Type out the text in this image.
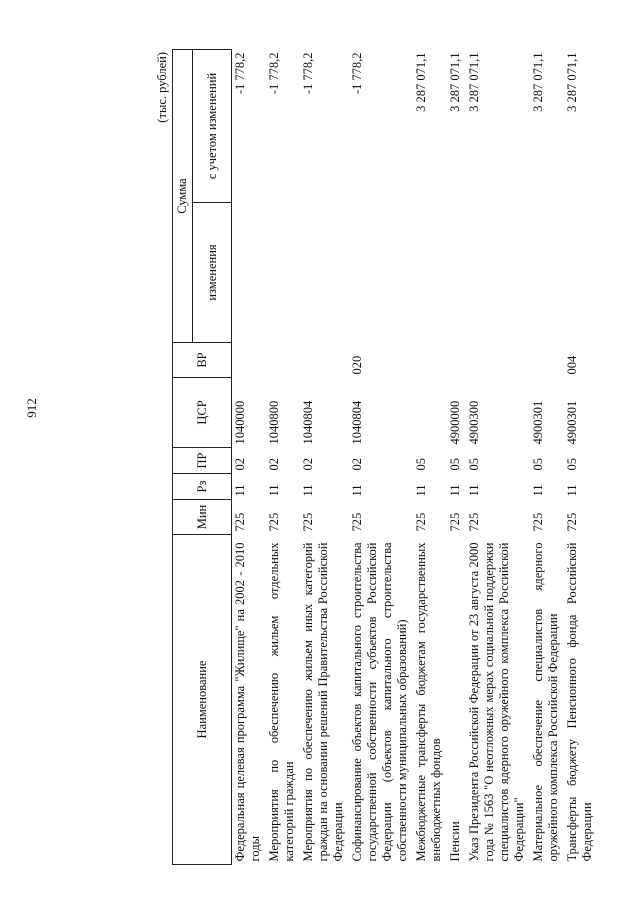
912
(тыс. рублей)
Наименование	Мин	Рз	ПР	ЦСР	ВР	Сумма	
						изменения	с учетом изменений
Федеральная целевая программа "Жилище" на 2002 - 2010 годы	725	11	02	1040000			-1 778,2
Мероприятия по обеспечению жильем отдельных категорий граждан	725	11	02	1040800			-1 778,2
Мероприятия по обеспечению жильем иных категорий граждан на основании решений Правительства Российской Федерации	725	11	02	1040804			-1 778,2
Софинансирование объектов капитального строительства государственной собственности субъектов Российской Федерации (объектов капитального строительства собственности муниципальных образований)	725	11	02	1040804	020		-1 778,2
Межбюджетные трансферты бюджетам государственных внебюджетных фондов	725	11	05				3 287 071,1
Пенсии	725	11	05	4900000			3 287 071,1
Указ Президента Российской Федерации от 23 августа 2000 года № 1563 "О неотложных мерах социальной поддержки специалистов ядерного оружейного комплекса Российской Федерации"	725	11	05	4900300			3 287 071,1
Материальное обеспечение специалистов ядерного оружейного комплекса Российской Федерации	725	11	05	4900301			3 287 071,1
Трансферты бюджету Пенсионного фонда Российской Федерации	725	11	05	4900301	004		3 287 071,1
